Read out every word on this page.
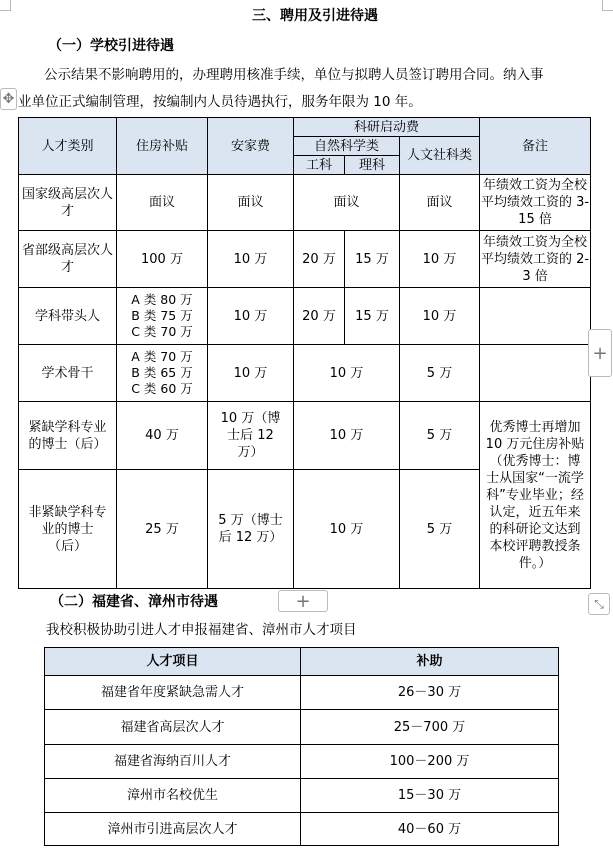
三、聘用及引进待遇
（一）学校引进待遇
公示结果不影响聘用的，办理聘用核准手续，单位与拟聘人员签订聘用合同。纳入事
业单位正式编制管理，按编制内人员待遇执行，服务年限为 10 年。
✥
人才类别	住房补贴	安家费	科研启动费			备注
			自然科学类		人文社科类	
			工科	理科		
国家级高层次人才	面议	面议	面议		面议	年绩效工资为全校平均绩效工资的 3-15 倍
省部级高层次人才	100 万	10 万	20 万	15 万	10 万	年绩效工资为全校平均绩效工资的 2-3 倍
学科带头人	A 类 80 万
B 类 75 万
C 类 70 万	10 万	20 万	15 万	10 万	
学术骨干	A 类 70 万
B 类 65 万
C 类 60 万	10 万	10 万		5 万	
紧缺学科专业的博士（后）	40 万	10 万（博士后 12 万）	10 万		5 万	优秀博士再增加 10 万元住房补贴（优秀博士：博士从国家“一流学科”专业毕业；经认定，近五年来的科研论文达到本校评聘教授条件。）
非紧缺学科专业的博士（后）	25 万	5 万（博士后 12 万）	10 万		5 万	
+
+	⤡
（二）福建省、漳州市待遇
我校积极协助引进人才申报福建省、漳州市人才项目
人才项目	补助
福建省年度紧缺急需人才	26－30 万
福建省高层次人才	25－700 万
福建省海纳百川人才	100－200 万
漳州市名校优生	15－30 万
漳州市引进高层次人才	40－60 万
